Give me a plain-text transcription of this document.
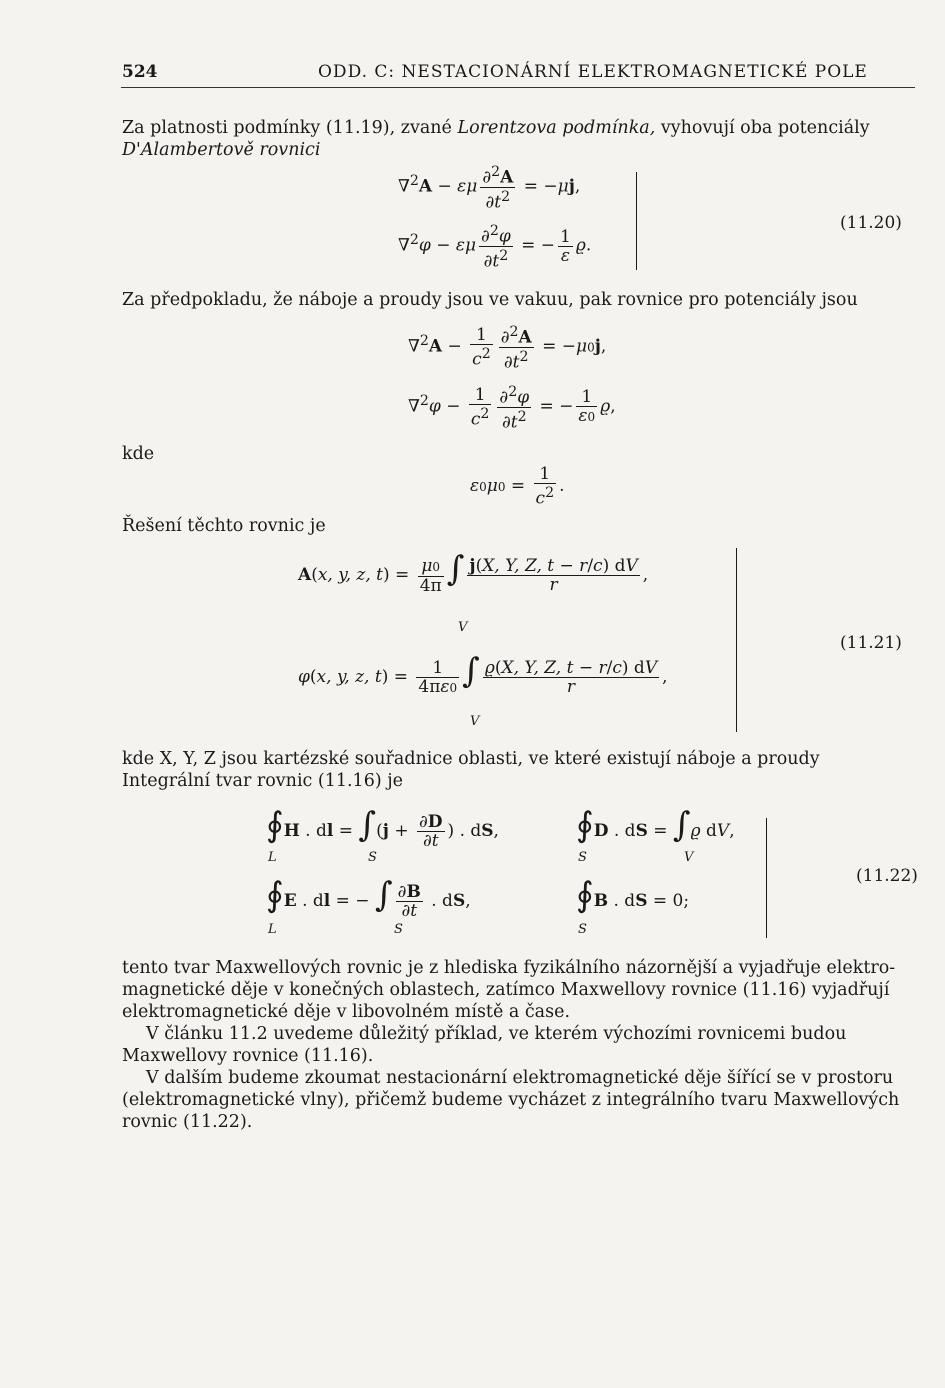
524	ODD. C: NESTACIONÁRNÍ ELEKTROMAGNETICKÉ POLE
Za platnosti podmínky (11.19), zvané Lorentzova podmínka, vyhovují oba potenciály
D'Alambertově rovnici
∇$^2$A − εμ $\frac{\partial^2A}{\partial t^2} = -\mu j$,
∇$^2$φ − εμ $\frac{\partial^2\varphi}{\partial t^2}$ = − $\frac{1}{\varepsilon} ϱ$.
(11.20)
Za předpokladu, že náboje a proudy jsou ve vakuu, pak rovnice pro potenciály jsou
$\nabla^2A - \frac{1}{c^2} \frac{\partial^2A}{\partial t^2} = -\mu 0j$,
$\nabla^2\varphi - \frac{1}{c^2} \frac{\partial^2\varphi}{\partial t^2}$ = − $\frac{1}{\varepsilon 0} ϱ$,
kde
$\varepsilon 0\mu 0 = \frac{1}{c^2}$ .
Řešení těchto rovnic je
A(x, y, z, $t) = \frac{\mu 0}{4\pi}$ ∫ $\frac{j(X, Y, Z, t - r/c) dV}{r}$ ,
φ(x, y, z, $t) = \frac{1}{4\pi\varepsilon 0}$ ∫ $\frac{ϱ(X, Y, Z, t - r/c) dV}{r}$ ,
V
V
(11.21)
kde X, Y, Z jsou kartézské souřadnice oblasti, ve které existují náboje a proudy
Integrální tvar rovnic (11.16) je
∮H . dl = $\int(j + \frac{\partial D}{\partial t}$ ) . dS, ∮D . dS = ∫ϱ dV,
∮E . dl = − ∫ $\frac{\partial B}{\partial t}$ . dS,	∮B . dS = 0;
L	S	S	V
L	S	S
(11.22)
tento tvar Maxwellových rovnic je z hlediska fyzikálního názornější a vyjadřuje elektro-
magnetické děje v konečných oblastech, zatímco Maxwellovy rovnice (11.16) vyjadřují
elektromagnetické děje v libovolném místě a čase.
V článku 11.2 uvedeme důležitý příklad, ve kterém výchozími rovnicemi budou
Maxwellovy rovnice (11.16).
V dalším budeme zkoumat nestacionární elektromagnetické děje šířící se v prostoru
(elektromagnetické vlny), přičemž budeme vycházet z integrálního tvaru Maxwellových
rovnic (11.22).
